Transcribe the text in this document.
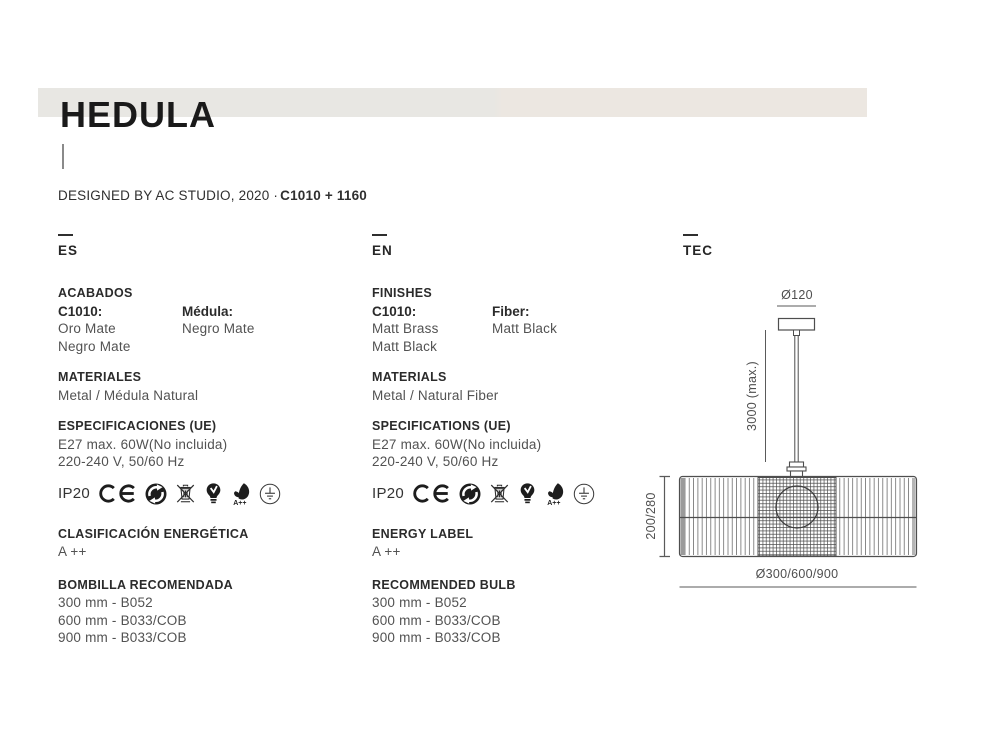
HEDULA
DESIGNED BY AC STUDIO, 2020 · C1010 + 1160
ES
ACABADOS
C1010:
Oro Mate
Negro Mate
Médula:
Negro Mate
MATERIALES
Metal / Médula Natural
ESPECIFICACIONES (UE)
E27 max. 60W(No incluida)
220-240 V, 50/60 Hz
IP20
A++
CLASIFICACIÓN ENERGÉTICA
A ++
BOMBILLA RECOMENDADA
300 mm - B052
600 mm - B033/COB
900 mm - B033/COB
EN
FINISHES
C1010:
Matt Brass
Matt Black
Fiber:
Matt Black
MATERIALS
Metal / Natural Fiber
SPECIFICATIONS (UE)
E27 max. 60W(No incluida)
220-240 V, 50/60 Hz
IP20
A++
ENERGY LABEL
A ++
RECOMMENDED BULB
300 mm - B052
600 mm - B033/COB
900 mm - B033/COB
TEC
Ø120
3000 (max.)
200/280
Ø300/600/900
